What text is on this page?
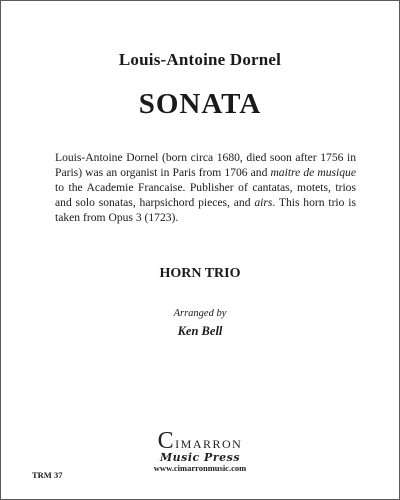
Louis-Antoine Dornel
SONATA
Louis-Antoine Dornel (born circa 1680, died soon after 1756 in Paris) was an organist in Paris from 1706 and maitre de musique to the Academie Francaise. Publisher of cantatas, motets, trios and solo sonatas, harpsichord pieces, and airs. This horn trio is taken from Opus 3 (1723).
HORN TRIO
Arranged by
Ken Bell
Cimarron
Music Press
www.cimarronmusic.com
TRM 37
